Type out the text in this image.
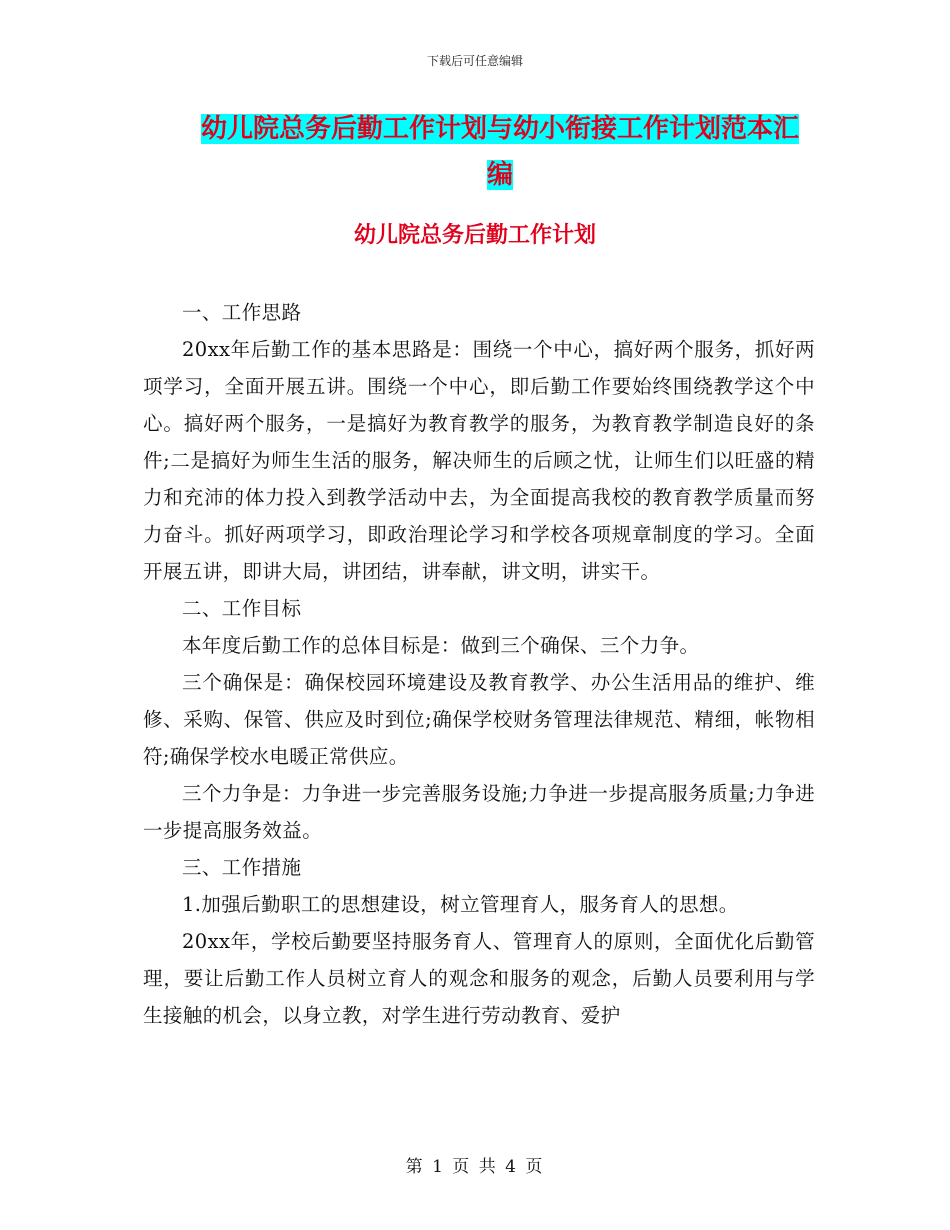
下载后可任意编辑
幼儿院总务后勤工作计划与幼小衔接工作计划范本汇
编
幼儿院总务后勤工作计划

一、工作思路

20xx年后勤工作的基本思路是：围绕一个中心，搞好两个服务，抓好两项学习，全面开展五讲。围绕一个中心，即后勤工作要始终围绕教学这个中心。搞好两个服务，一是搞好为教育教学的服务，为教育教学制造良好的条件;二是搞好为师生生活的服务，解决师生的后顾之忧，让师生们以旺盛的精力和充沛的体力投入到教学活动中去，为全面提高我校的教育教学质量而努力奋斗。抓好两项学习，即政治理论学习和学校各项规章制度的学习。全面开展五讲，即讲大局，讲团结，讲奉献，讲文明，讲实干。

二、工作目标

本年度后勤工作的总体目标是：做到三个确保、三个力争。

三个确保是：确保校园环境建设及教育教学、办公生活用品的维护、维修、采购、保管、供应及时到位;确保学校财务管理法律规范、精细，帐物相符;确保学校水电暖正常供应。

三个力争是：力争进一步完善服务设施;力争进一步提高服务质量;力争进一步提高服务效益。

三、工作措施

1.加强后勤职工的思想建设，树立管理育人，服务育人的思想。

20xx年，学校后勤要坚持服务育人、管理育人的原则，全面优化后勤管理，要让后勤工作人员树立育人的观念和服务的观念，后勤人员要利用与学生接触的机会，以身立教，对学生进行劳动教育、爱护

第 1 页 共 4 页
